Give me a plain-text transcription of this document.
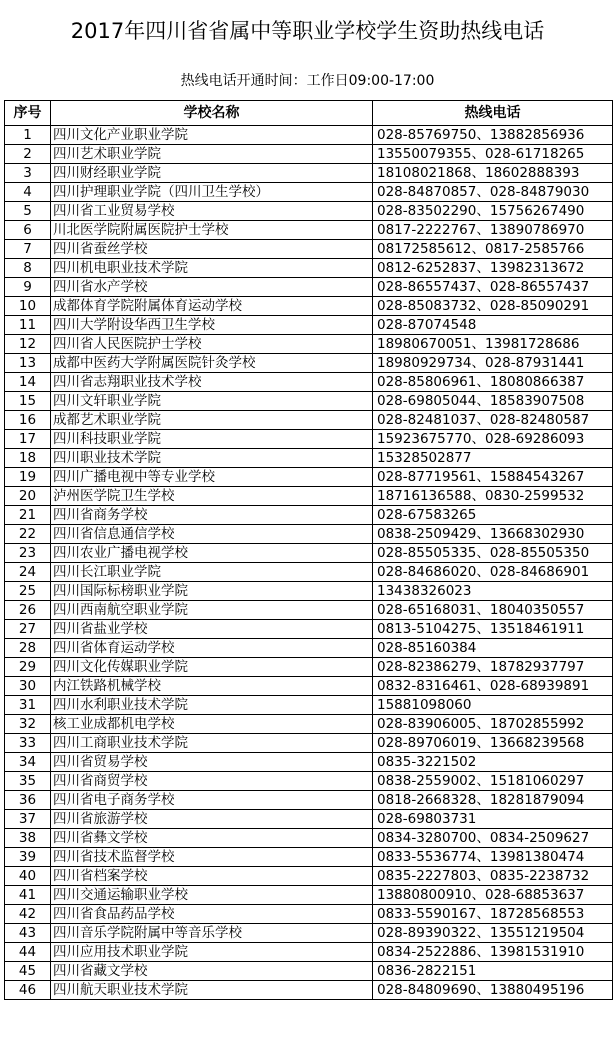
2017年四川省省属中等职业学校学生资助热线电话
热线电话开通时间：工作日09:00-17:00
序号	学校名称	热线电话
1	四川文化产业职业学院	028-85769750、13882856936
2	四川艺术职业学院	13550079355、028-61718265
3	四川财经职业学院	18108021868、18602888393
4	四川护理职业学院（四川卫生学校）	028-84870857、028-84879030
5	四川省工业贸易学校	028-83502290、15756267490
6	川北医学院附属医院护士学校	0817-2222767、13890786970
7	四川省蚕丝学校	08172585612、0817-2585766
8	四川机电职业技术学院	0812-6252837、13982313672
9	四川省水产学校	028-86557437、028-86557437
10	成都体育学院附属体育运动学校	028-85083732、028-85090291
11	四川大学附设华西卫生学校	028-87074548
12	四川省人民医院护士学校	18980670051、13981728686
13	成都中医药大学附属医院针灸学校	18980929734、028-87931441
14	四川省志翔职业技术学校	028-85806961、18080866387
15	四川文轩职业学院	028-69805044、18583907508
16	成都艺术职业学院	028-82481037、028-82480587
17	四川科技职业学院	15923675770、028-69286093
18	四川职业技术学院	15328502877
19	四川广播电视中等专业学校	028-87719561、15884543267
20	泸州医学院卫生学校	18716136588、0830-2599532
21	四川省商务学校	028-67583265
22	四川省信息通信学校	0838-2509429、13668302930
23	四川农业广播电视学校	028-85505335、028-85505350
24	四川长江职业学院	028-84686020、028-84686901
25	四川国际标榜职业学院	13438326023
26	四川西南航空职业学院	028-65168031、18040350557
27	四川省盐业学校	0813-5104275、13518461911
28	四川省体育运动学校	028-85160384
29	四川文化传媒职业学院	028-82386279、18782937797
30	内江铁路机械学校	0832-8316461、028-68939891
31	四川水利职业技术学院	15881098060
32	核工业成都机电学校	028-83906005、18702855992
33	四川工商职业技术学院	028-89706019、13668239568
34	四川省贸易学校	0835-3221502
35	四川省商贸学校	0838-2559002、15181060297
36	四川省电子商务学校	0818-2668328、18281879094
37	四川省旅游学校	028-69803731
38	四川省彝文学校	0834-3280700、0834-2509627
39	四川省技术监督学校	0833-5536774、13981380474
40	四川省档案学校	0835-2227803、0835-2238732
41	四川交通运输职业学校	13880800910、028-68853637
42	四川省食品药品学校	0833-5590167、18728568553
43	四川音乐学院附属中等音乐学校	028-89390322、13551219504
44	四川应用技术职业学院	0834-2522886、13981531910
45	四川省藏文学校	0836-2822151
46	四川航天职业技术学院	028-84809690、13880495196
